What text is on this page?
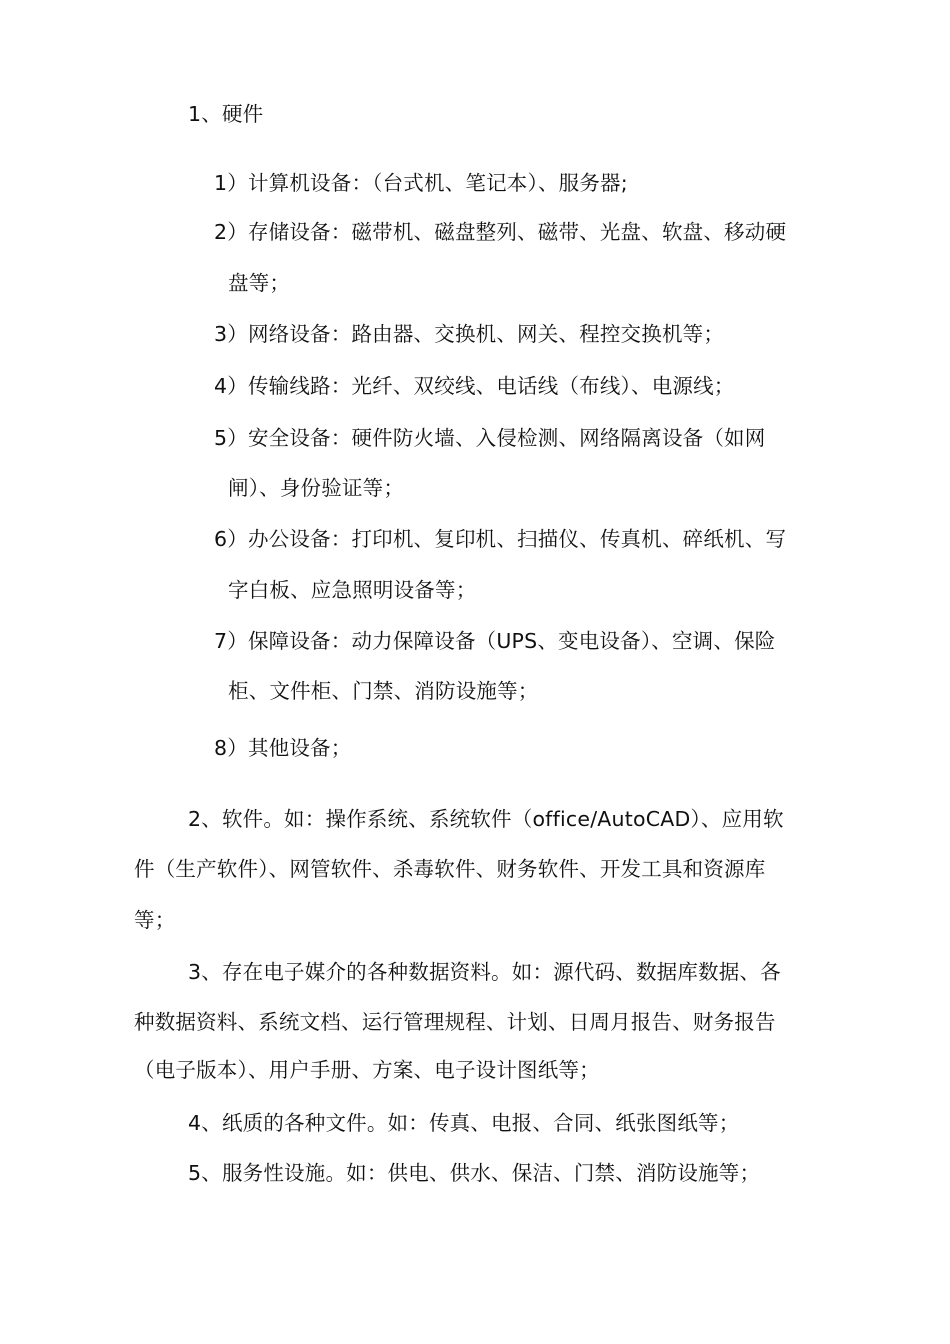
1、硬件
1）计算机设备：（台式机、笔记本）、服务器;
2）存储设备：磁带机、磁盘整列、磁带、光盘、软盘、移动硬
盘等；
3）网络设备：路由器、交换机、网关、程控交换机等；
4）传输线路：光纤、双绞线、电话线（布线）、电源线；
5）安全设备：硬件防火墙、入侵检测、网络隔离设备（如网
闸）、身份验证等；
6）办公设备：打印机、复印机、扫描仪、传真机、碎纸机、写
字白板、应急照明设备等；
7）保障设备：动力保障设备（UPS、变电设备）、空调、保险
柜、文件柜、门禁、消防设施等；
8）其他设备；
2、软件。如：操作系统、系统软件（office/AutoCAD）、应用软
件（生产软件）、网管软件、杀毒软件、财务软件、开发工具和资源库
等；
3、存在电子媒介的各种数据资料。如：源代码、数据库数据、各
种数据资料、系统文档、运行管理规程、计划、日周月报告、财务报告
（电子版本）、用户手册、方案、电子设计图纸等；
4、纸质的各种文件。如：传真、电报、合同、纸张图纸等；
5、服务性设施。如：供电、供水、保洁、门禁、消防设施等；
